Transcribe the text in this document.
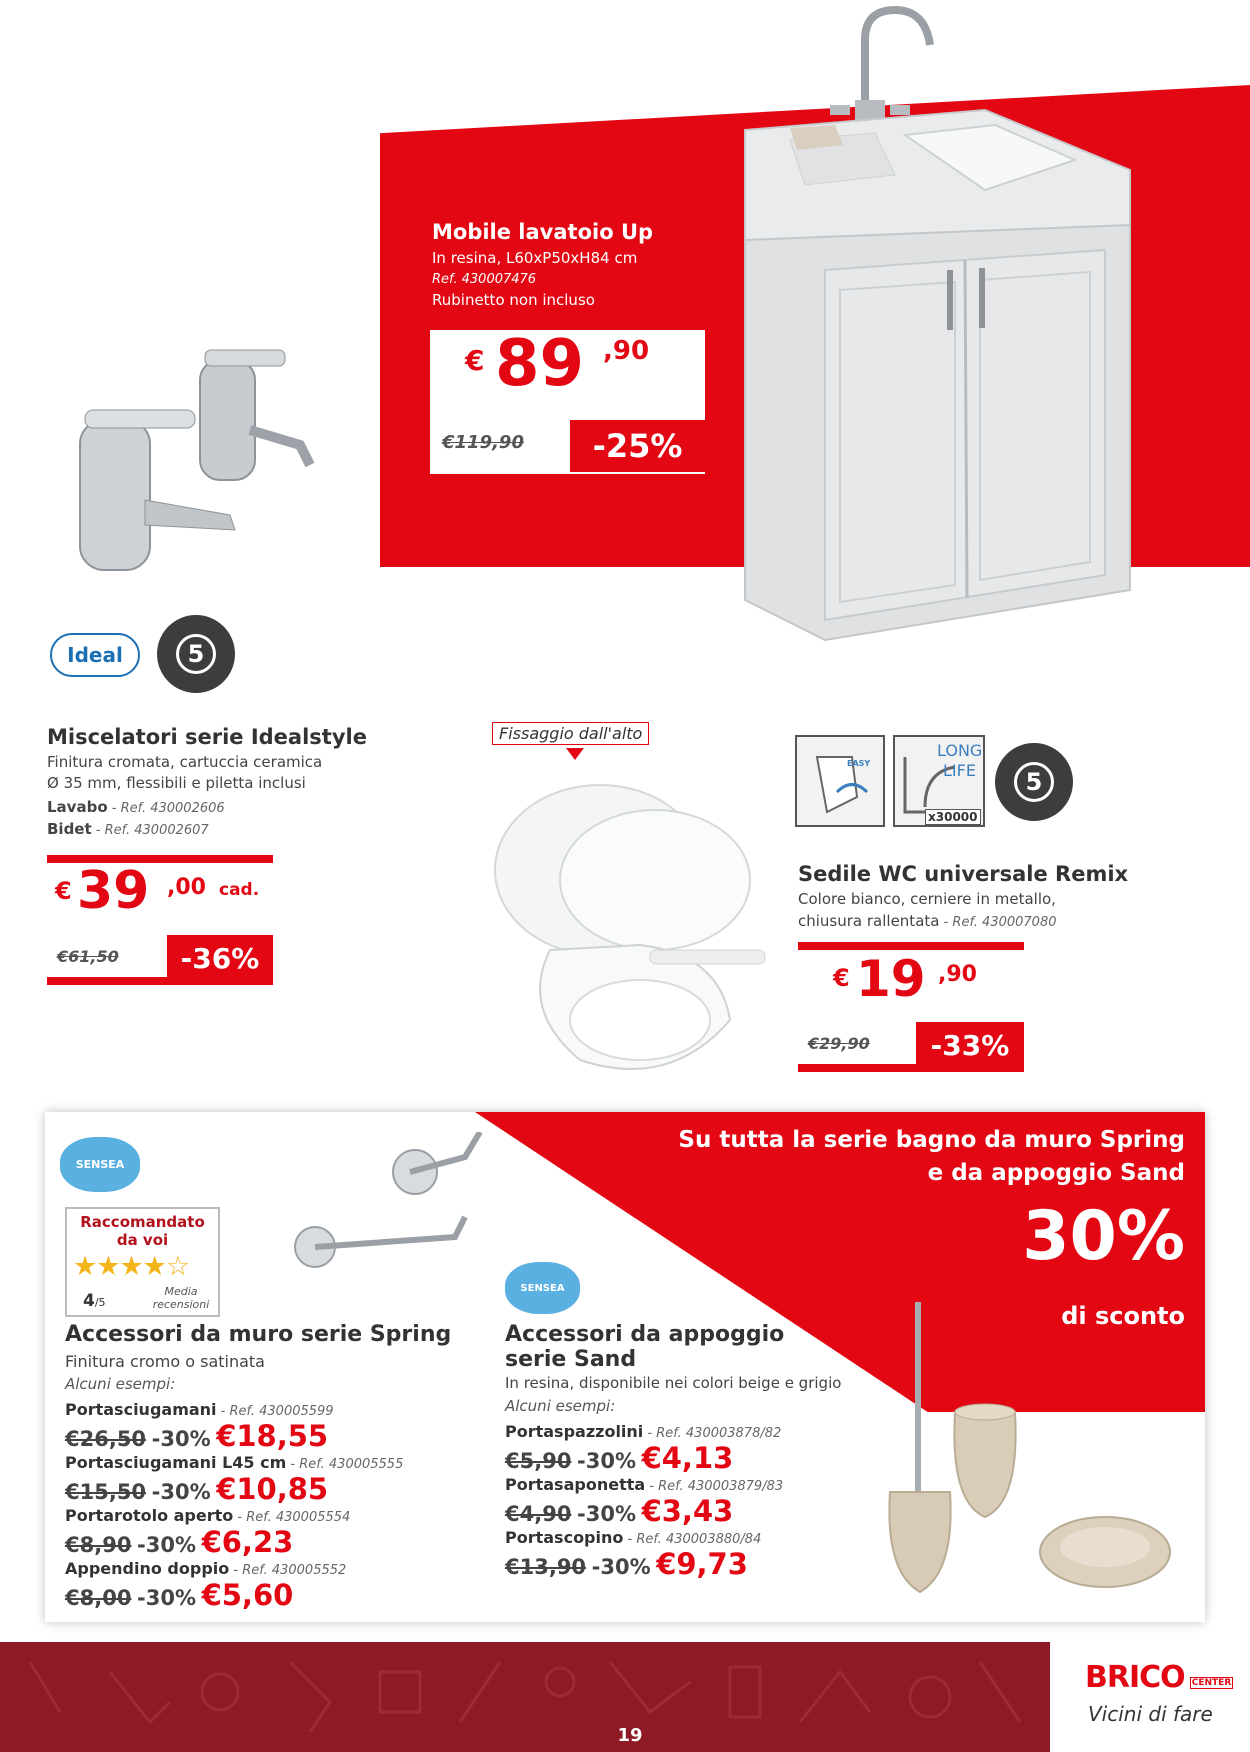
Mobile lavatoio Up
In resina, L60xP50xH84 cm
Ref. 430007476
Rubinetto non incluso
€ 89 ,90
€119,90	-25%
Ideal	5
Miscelatori serie Idealstyle
Finitura cromata, cartuccia ceramica
Ø 35 mm, flessibili e piletta inclusi
Lavabo - Ref. 430002606
Bidet - Ref. 430002607
€ 39 ,00 cad.
€61,50	-36%
Fissaggio dall'alto
EASY
LONG
LIFE
x30000
5
Sedile WC universale Remix
Colore bianco, cerniere in metallo,
chiusura rallentata - Ref. 430007080
€ 19 ,90
€29,90	-33%
Su tutta la serie bagno da muro Spring
e da appoggio Sand
30%
di sconto
SENSEA
Raccomandato
da voi
★★★★☆
4/5
Media
recensioni
Accessori da muro serie Spring
Finitura cromo o satinata
Alcuni esempi:
Portasciugamani - Ref. 430005599
€26,50 -30% €18,55
Portasciugamani L45 cm - Ref. 430005555
€15,50 -30% €10,85
Portarotolo aperto - Ref. 430005554
€8,90 -30% €6,23
Appendino doppio - Ref. 430005552
€8,00 -30% €5,60
SENSEA
Accessori da appoggio
serie Sand
In resina, disponibile nei colori beige e grigio
Alcuni esempi:
Portaspazzolini - Ref. 430003878/82
€5,90 -30% €4,13
Portasaponetta - Ref. 430003879/83
€4,90 -30% €3,43
Portascopino - Ref. 430003880/84
€13,90 -30% €9,73
19
BRICO CENTER
Vicini di fare
